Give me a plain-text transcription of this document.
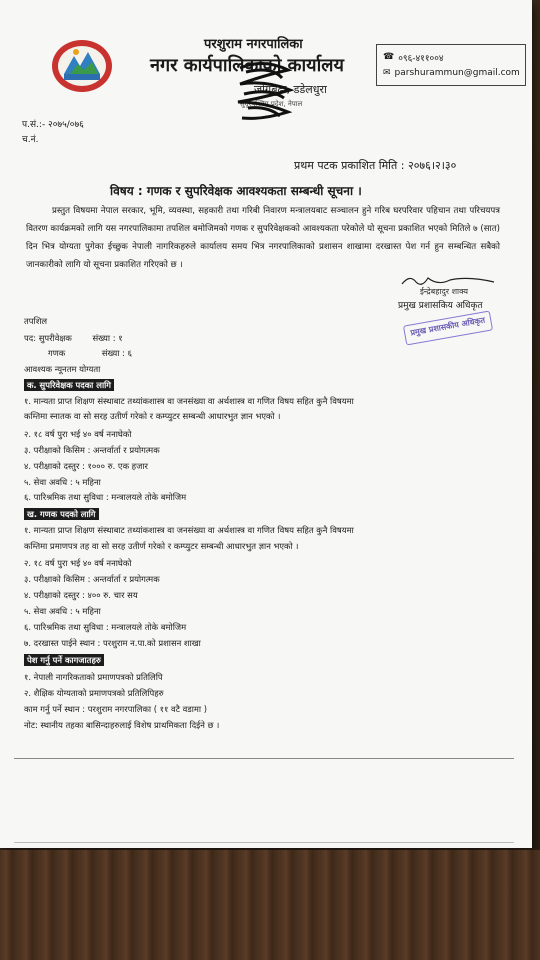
परशुराम नगरपालिका
नगर कार्यपालिकाको कार्यालय
जोगबुढा, डडेलधुरा
सुदूरपश्चिम प्रदेश, नेपाल
☎ ०९६-४११००४
✉ parshurammun@gmail.com
प.सं.:- २०७५/०७६
च.नं.
प्रथम पटक प्रकाशित मिति : २०७६।२।३०
विषय : गणक र सुपरिवेक्षक आवश्यकता सम्बन्धी सूचना ।

प्रस्तुत विषयमा नेपाल सरकार, भूमि, व्यवस्था, सहकारी तथा गरिबी निवारण मन्त्रालयबाट सञ्चालन हुने गरिब घरपरिवार पहिचान तथा परिचयपत्र वितरण कार्यक्रमको लागि यस नगरपालिकामा तपशिल बमोजिमको गणक र सुपरिवेक्षकको आवश्यकता परेकोले यो सूचना प्रकाशित भएको मितिले ७ (सात) दिन भित्र योग्यता पुगेका ईच्छुक नेपाली नागरिकहरुले कार्यालय समय भित्र नगरपालिकाको प्रशासन शाखामा दरखास्त पेश गर्न हुन सम्बन्धित सबैको जानकारीको लागि यो सूचना प्रकाशित गरिएको छ ।

ईन्द्रेबहादुर शाक्य
प्रमुख प्रशासकिय अधिकृत
प्रमुख प्रशासकीय अधिकृत
तपशिल
पद: सुपरीवेक्षक संख्या : १
गणक	संख्या : ६
आवश्यक न्यूनतम योग्यता
क. सुपरिवेक्षक पदका लागि
१. मान्यता प्राप्त शिक्षण संस्थाबाट तथ्यांकशास्त्र वा जनसंख्या वा अर्थशास्त्र वा गणित विषय सहित कुनै विषयमा
कम्तिमा स्नातक वा सो सरह उतीर्ण गरेको र कम्प्युटर सम्बन्धी आधारभुत ज्ञान भएको ।
२. १८ वर्ष पुरा भई ४० वर्ष ननाघेको
३. परीक्षाको किसिम : अन्तर्वार्ता र प्रयोगत्मक
४. परीक्षाको दस्तुर : १००० रु. एक हजार
५. सेवा अवधि : ५ महिना
६. पारिश्रमिक तथा सुविधा : मन्त्रालयले तोके बमोजिम
ख. गणक पदको लागि
१. मान्यता प्राप्त शिक्षण संस्थाबाट तथ्यांकशास्त्र वा जनसंख्या वा अर्थशास्त्र वा गणित विषय सहित कुनै विषयमा
कम्तिमा प्रमाणपत्र तह वा सो सरह उतीर्ण गरेको र कम्प्युटर सम्बन्धी आधारभुत ज्ञान भएको ।
२. १८ वर्ष पुरा भई ४० वर्ष ननाघेको
३. परीक्षाको किसिम : अन्तर्वार्ता र प्रयोगत्मक
४. परीक्षाको दस्तुर : ४०० रु. चार सय
५. सेवा अवधि : ५ महिना
६. पारिश्रमिक तथा सुविधा : मन्त्रालयले तोके बमोजिम
७. दरखास्त पाईने स्थान : परशुराम न.पा.को प्रशासन शाखा
पेश गर्नु पर्ने कागजातहरु
१. नेपाली नागरिकताको प्रमाणपत्रको प्रतिलिपि
२. शैक्षिक योग्यताको प्रमाणपत्रको प्रतिलिपिहरु
काम गर्नु पर्ने स्थान : परशुराम नगरपालिका ( ११ वटै वडामा )
नोट: स्थानीय तहका बासिन्दाहरुलाई विशेष प्राथमिकता दिईने छ ।
